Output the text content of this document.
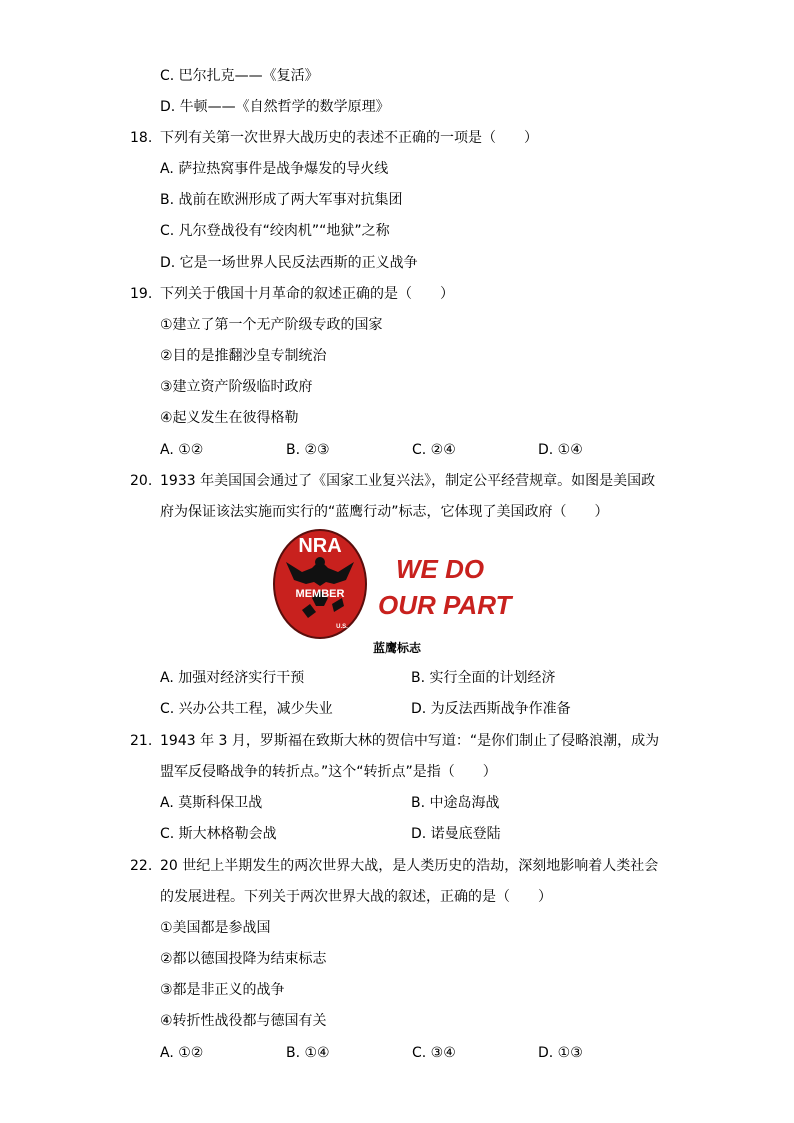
C. 巴尔扎克——《复活》
D. 牛顿——《自然哲学的数学原理》
18. 下列有关第一次世界大战历史的表述不正确的一项是（　　）
A. 萨拉热窝事件是战争爆发的导火线
B. 战前在欧洲形成了两大军事对抗集团
C. 凡尔登战役有“绞肉机”“地狱”之称
D. 它是一场世界人民反法西斯的正义战争
19. 下列关于俄国十月革命的叙述正确的是（　　）
①建立了第一个无产阶级专政的国家
②目的是推翻沙皇专制统治
③建立资产阶级临时政府
④起义发生在彼得格勒
A. ①②	B. ②③	C. ②④	D. ①④
20. 1933 年美国国会通过了《国家工业复兴法》，制定公平经营规章。如图是美国政
府为保证该法实施而实行的“蓝鹰行动”标志，它体现了美国政府（　　）
NRA
MEMBER
U.S.
WE DO
OUR PART
蓝鹰标志
A. 加强对经济实行干预	B. 实行全面的计划经济
C. 兴办公共工程，减少失业	D. 为反法西斯战争作准备
21. 1943 年 3 月，罗斯福在致斯大林的贺信中写道：“是你们制止了侵略浪潮，成为
盟军反侵略战争的转折点。”这个“转折点”是指（　　）
A. 莫斯科保卫战	B. 中途岛海战
C. 斯大林格勒会战	D. 诺曼底登陆
22. 20 世纪上半期发生的两次世界大战，是人类历史的浩劫，深刻地影响着人类社会
的发展进程。下列关于两次世界大战的叙述，正确的是（　　）
①美国都是参战国
②都以德国投降为结束标志
③都是非正义的战争
④转折性战役都与德国有关
A. ①②	B. ①④	C. ③④	D. ①③
